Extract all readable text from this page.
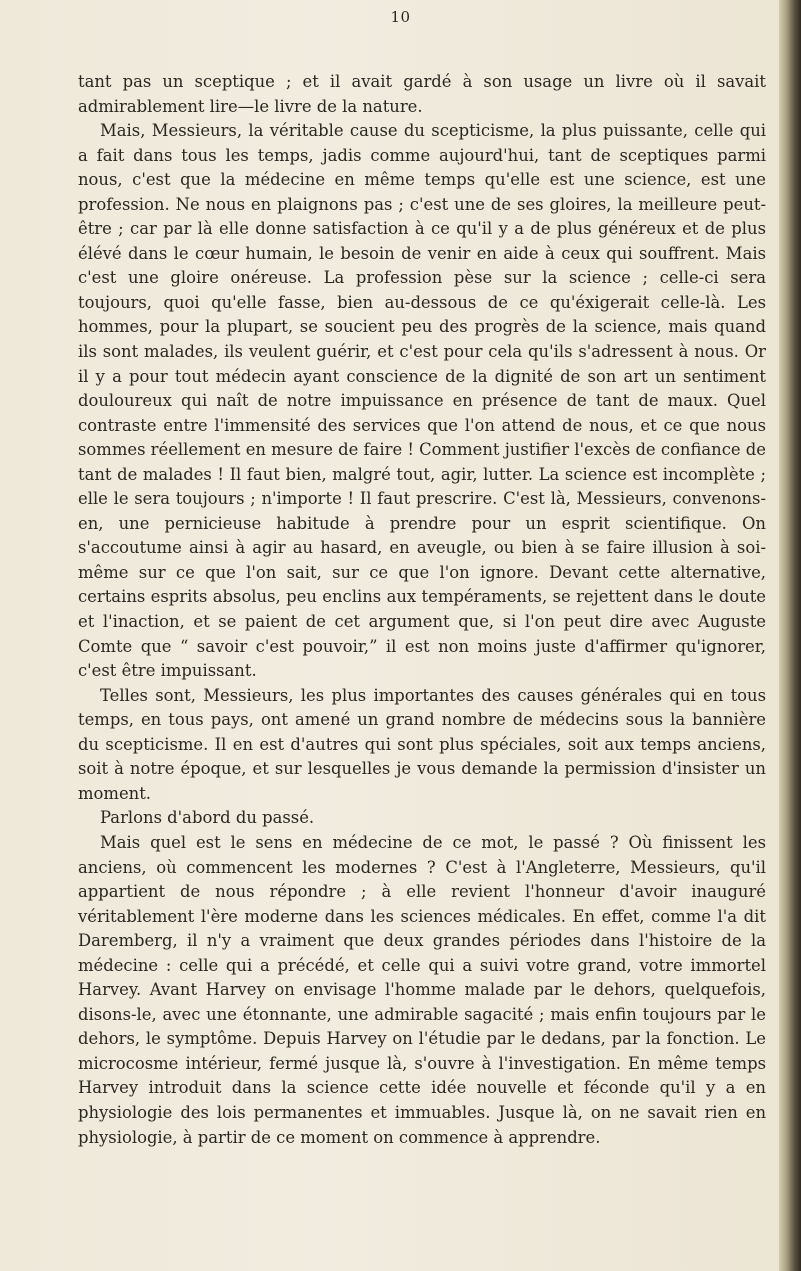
10

tant pas un sceptique ; et il avait gardé à son usage un livre où il savait admirablement lire—le livre de la nature.

Mais, Messieurs, la véritable cause du scepticisme, la plus puissante, celle qui a fait dans tous les temps, jadis comme aujourd'hui, tant de sceptiques parmi nous, c'est que la médecine en même temps qu'elle est une science, est une profession. Ne nous en plaignons pas ; c'est une de ses gloires, la meilleure peut-être ; car par là elle donne satisfaction à ce qu'il y a de plus généreux et de plus élévé dans le cœur humain, le besoin de venir en aide à ceux qui souffrent. Mais c'est une gloire onéreuse. La profession pèse sur la science ; celle-ci sera toujours, quoi qu'elle fasse, bien au-dessous de ce qu'éxigerait celle-là. Les hommes, pour la plupart, se soucient peu des progrès de la science, mais quand ils sont malades, ils veulent guérir, et c'est pour cela qu'ils s'adressent à nous. Or il y a pour tout médecin ayant conscience de la dignité de son art un sentiment douloureux qui naît de notre impuissance en présence de tant de maux. Quel contraste entre l'immensité des services que l'on attend de nous, et ce que nous sommes réellement en mesure de faire ! Comment justifier l'excès de confiance de tant de malades ! Il faut bien, malgré tout, agir, lutter. La science est incomplète ; elle le sera toujours ; n'importe ! Il faut prescrire. C'est là, Messieurs, convenons-en, une pernicieuse habitude à prendre pour un esprit scientifique. On s'accoutume ainsi à agir au hasard, en aveugle, ou bien à se faire illusion à soi-même sur ce que l'on sait, sur ce que l'on ignore. Devant cette alternative, certains esprits absolus, peu enclins aux tempéraments, se rejettent dans le doute et l'inaction, et se paient de cet argument que, si l'on peut dire avec Auguste Comte que “ savoir c'est pouvoir,” il est non moins juste d'affirmer qu'ignorer, c'est être impuissant.

Telles sont, Messieurs, les plus importantes des causes générales qui en tous temps, en tous pays, ont amené un grand nombre de médecins sous la bannière du scepticisme. Il en est d'autres qui sont plus spéciales, soit aux temps anciens, soit à notre époque, et sur lesquelles je vous demande la permission d'insister un moment.

Parlons d'abord du passé.

Mais quel est le sens en médecine de ce mot, le passé ? Où finissent les anciens, où commencent les modernes ? C'est à l'Angleterre, Messieurs, qu'il appartient de nous répondre ; à elle revient l'honneur d'avoir inauguré véritablement l'ère moderne dans les sciences médicales. En effet, comme l'a dit Daremberg, il n'y a vraiment que deux grandes périodes dans l'histoire de la médecine : celle qui a précédé, et celle qui a suivi votre grand, votre immortel Harvey. Avant Harvey on envisage l'homme malade par le dehors, quelquefois, disons-le, avec une étonnante, une admirable sagacité ; mais enfin toujours par le dehors, le symptôme. Depuis Harvey on l'étudie par le dedans, par la fonction. Le microcosme intérieur, fermé jusque là, s'ouvre à l'investigation. En même temps Harvey introduit dans la science cette idée nouvelle et féconde qu'il y a en physiologie des lois permanentes et immuables. Jusque là, on ne savait rien en physiologie, à partir de ce moment on commence à apprendre.
